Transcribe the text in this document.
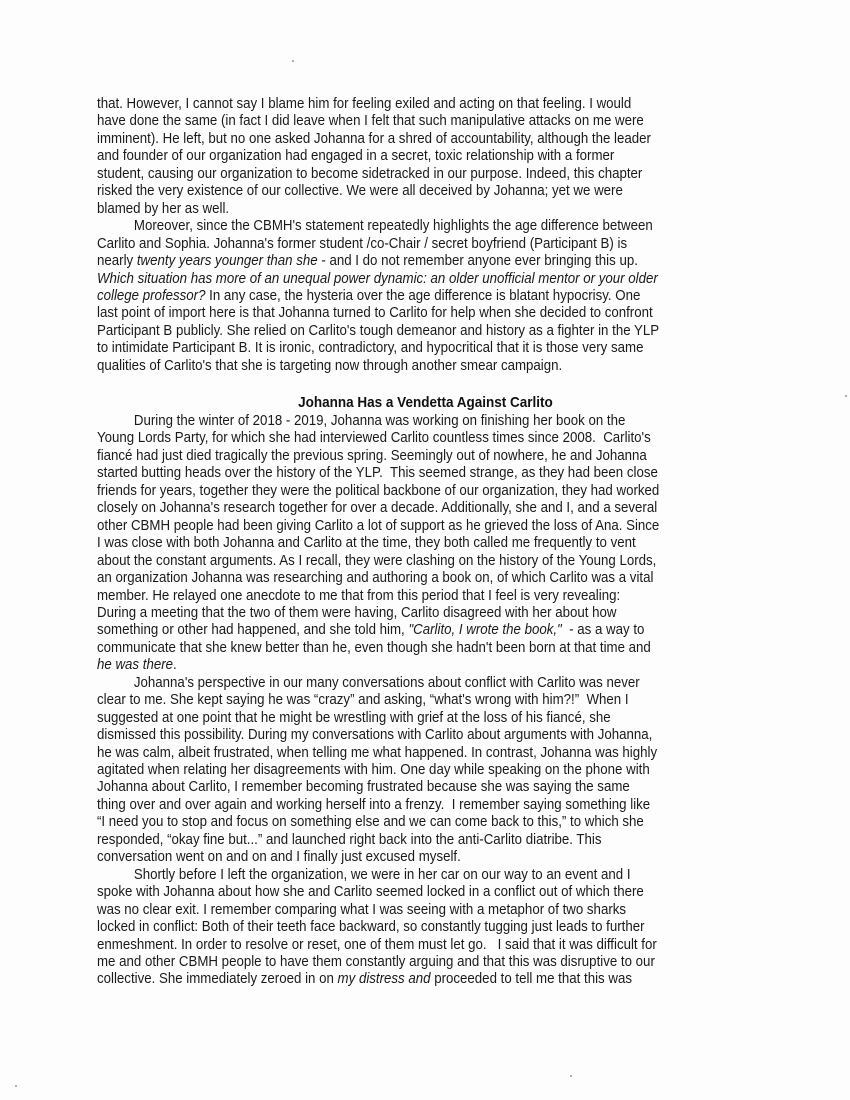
Johanna Has a Vendetta Against Carlito
that. However, I cannot say I blame him for feeling exiled and acting on that feeling. I would
have done the same (in fact I did leave when I felt that such manipulative attacks on me were
imminent). He left, but no one asked Johanna for a shred of accountability, although the leader
and founder of our organization had engaged in a secret, toxic relationship with a former
student, causing our organization to become sidetracked in our purpose. Indeed, this chapter
risked the very existence of our collective. We were all deceived by Johanna; yet we were
blamed by her as well.
Moreover, since the CBMH's statement repeatedly highlights the age difference between
Carlito and Sophia. Johanna's former student /co-Chair / secret boyfriend (Participant B) is
nearly twenty years younger than she - and I do not remember anyone ever bringing this up.
Which situation has more of an unequal power dynamic: an older unofficial mentor or your older
college professor? In any case, the hysteria over the age difference is blatant hypocrisy. One
last point of import here is that Johanna turned to Carlito for help when she decided to confront
Participant B publicly. She relied on Carlito's tough demeanor and history as a fighter in the YLP
to intimidate Participant B. It is ironic, contradictory, and hypocritical that it is those very same
qualities of Carlito's that she is targeting now through another smear campaign.
During the winter of 2018 - 2019, Johanna was working on finishing her book on the
Young Lords Party, for which she had interviewed Carlito countless times since 2008.  Carlito's
fiancé had just died tragically the previous spring. Seemingly out of nowhere, he and Johanna
started butting heads over the history of the YLP.  This seemed strange, as they had been close
friends for years, together they were the political backbone of our organization, they had worked
closely on Johanna's research together for over a decade. Additionally, she and I, and a several
other CBMH people had been giving Carlito a lot of support as he grieved the loss of Ana. Since
I was close with both Johanna and Carlito at the time, they both called me frequently to vent
about the constant arguments. As I recall, they were clashing on the history of the Young Lords,
an organization Johanna was researching and authoring a book on, of which Carlito was a vital
member. He relayed one anecdote to me that from this period that I feel is very revealing:
During a meeting that the two of them were having, Carlito disagreed with her about how
something or other had happened, and she told him, "Carlito, I wrote the book,"  - as a way to
communicate that she knew better than he, even though she hadn't been born at that time and
he was there.
Johanna's perspective in our many conversations about conflict with Carlito was never
clear to me. She kept saying he was “crazy” and asking, “what's wrong with him?!”  When I
suggested at one point that he might be wrestling with grief at the loss of his fiancé, she
dismissed this possibility. During my conversations with Carlito about arguments with Johanna,
he was calm, albeit frustrated, when telling me what happened. In contrast, Johanna was highly
agitated when relating her disagreements with him. One day while speaking on the phone with
Johanna about Carlito, I remember becoming frustrated because she was saying the same
thing over and over again and working herself into a frenzy.  I remember saying something like
“I need you to stop and focus on something else and we can come back to this,” to which she
responded, “okay fine but...” and launched right back into the anti-Carlito diatribe. This
conversation went on and on and I finally just excused myself.
Shortly before I left the organization, we were in her car on our way to an event and I
spoke with Johanna about how she and Carlito seemed locked in a conflict out of which there
was no clear exit. I remember comparing what I was seeing with a metaphor of two sharks
locked in conflict: Both of their teeth face backward, so constantly tugging just leads to further
enmeshment. In order to resolve or reset, one of them must let go.   I said that it was difficult for
me and other CBMH people to have them constantly arguing and that this was disruptive to our
collective. She immediately zeroed in on my distress and proceeded to tell me that this was
